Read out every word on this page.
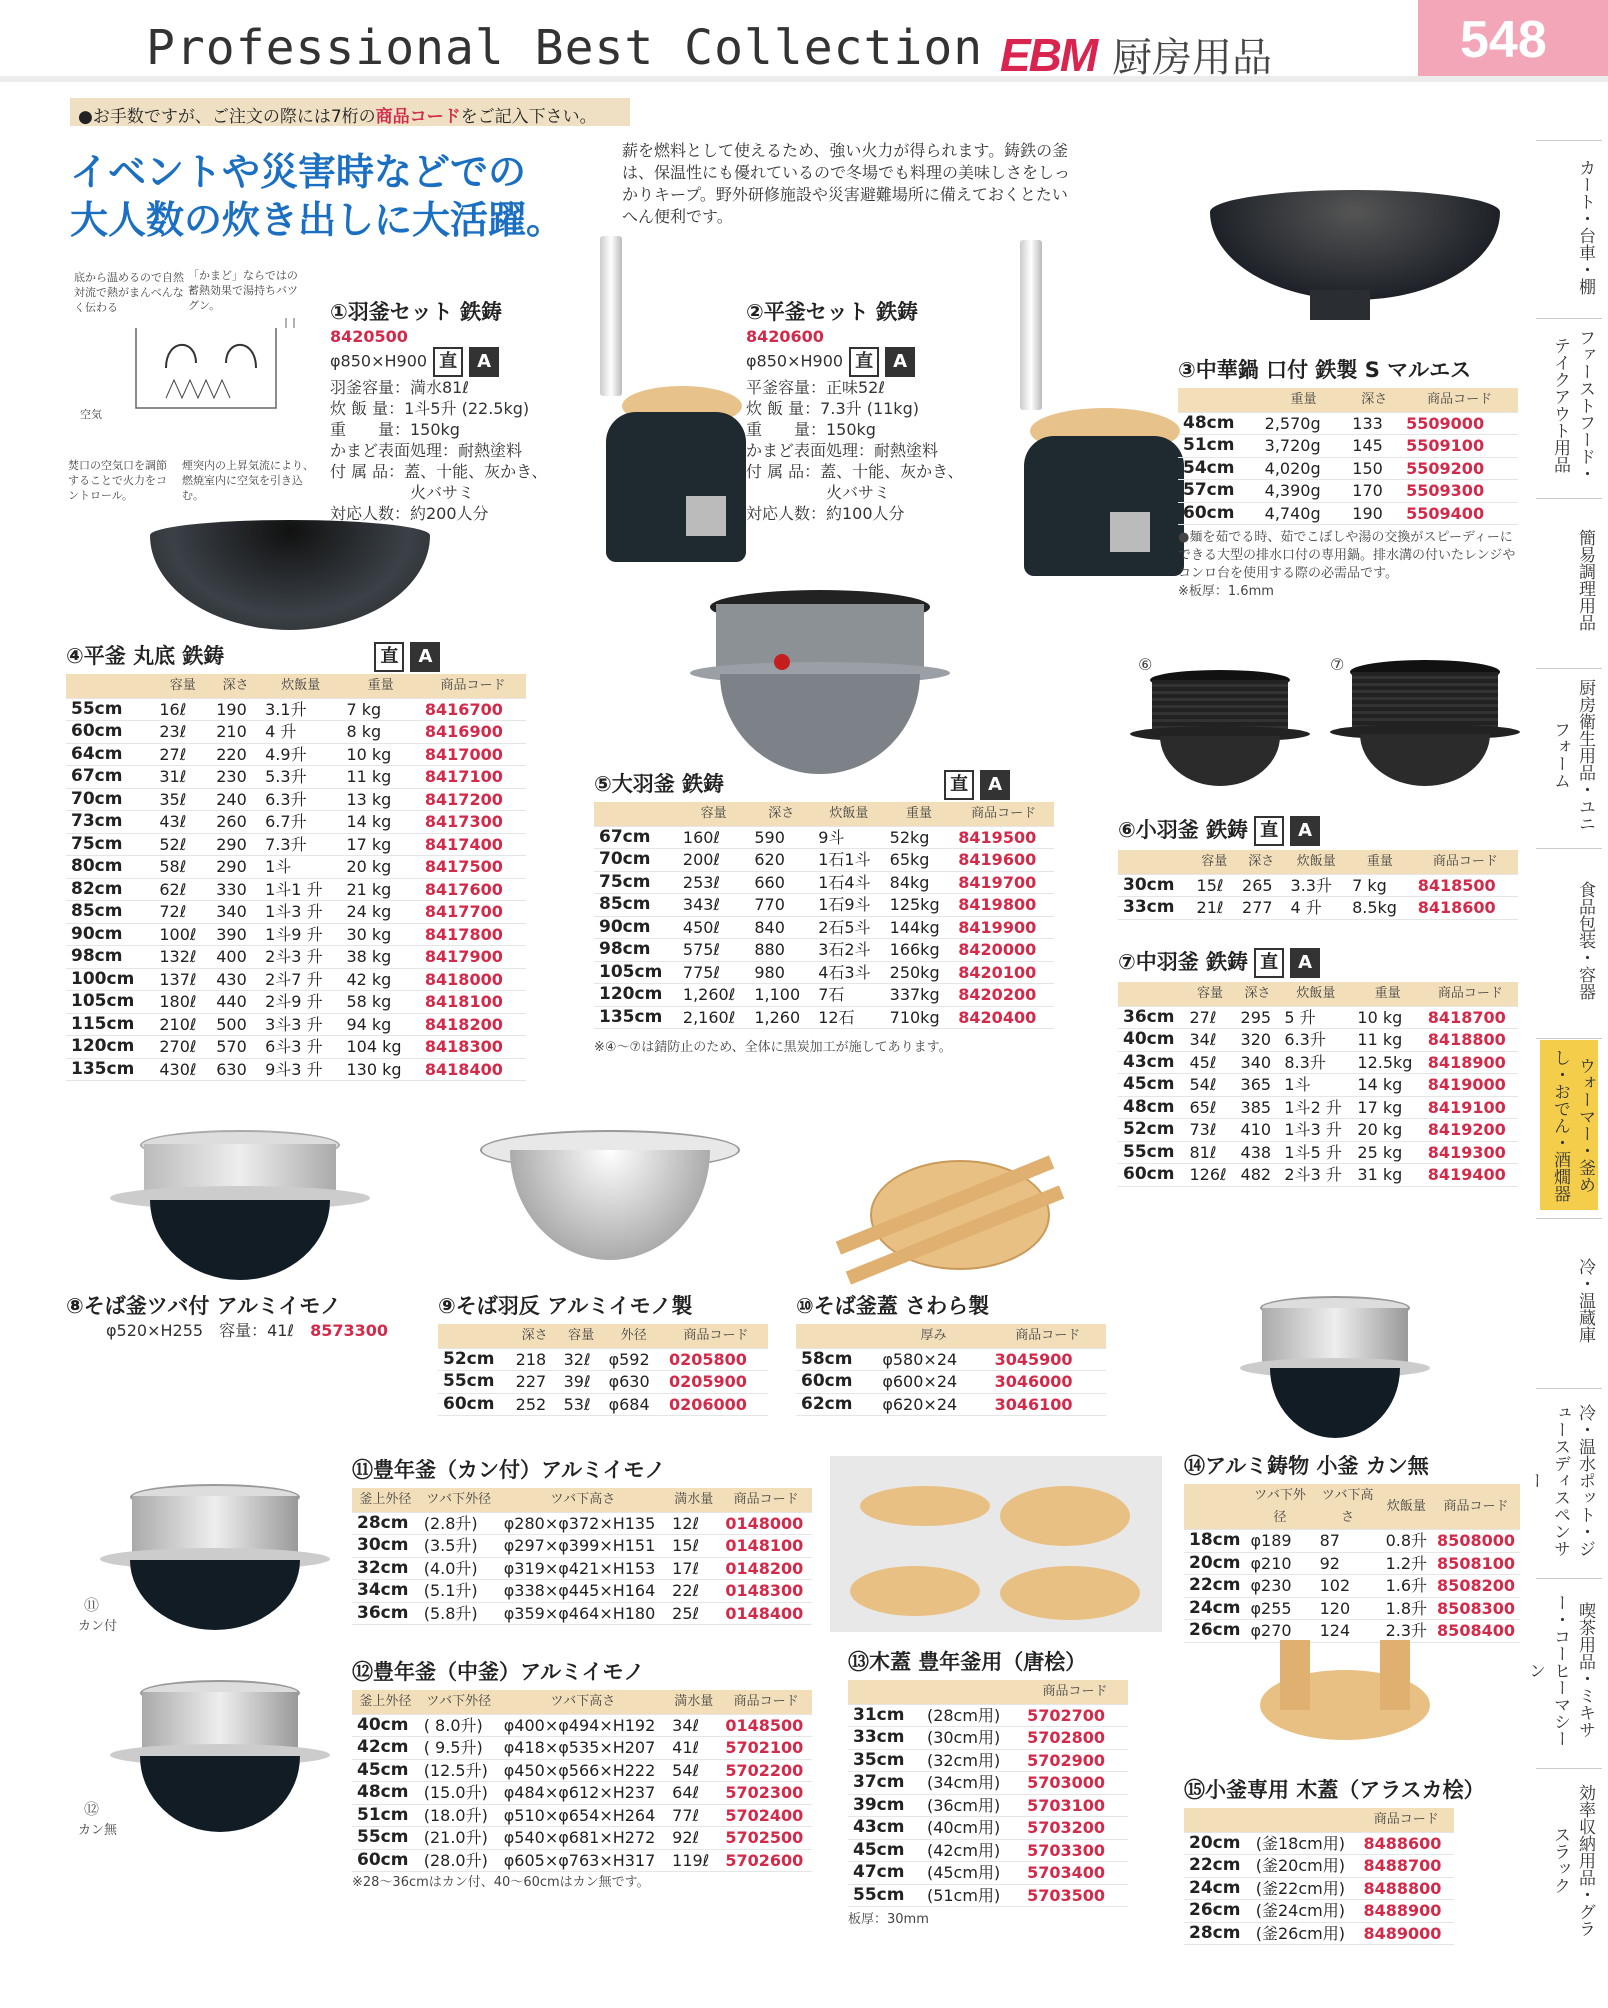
Professional Best Collection EBM 厨房用品	548
●お手数ですが、ご注文の際には7桁の商品コードをご記入下さい。
イベントや災害時などでの
大人数の炊き出しに大活躍。
薪を燃料として使えるため、強い火力が得られます。鋳鉄の釜は、保温性にも優れているので冬場でも料理の美味しさをしっかりキープ。野外研修施設や災害避難場所に備えておくとたいへん便利です。
底から温めるので自然対流で熱がまんべんなく伝わる
「かまど」ならではの蓄熱効果で湯持ちバツグン。
空気
焚口の空気口を調節することで火力をコントロール。
煙突内の上昇気流により、燃焼室内に空気を引き込む。
①羽釜セット 鉄鋳
8420500
φ850×H900 直 A
羽釜容量：満水81ℓ
炊 飯 量：1斗5升 (22.5kg)
重　　量：150kg
かまど表面処理：耐熱塗料
付 属 品：蓋、十能、灰かき、
　　　　　火バサミ
対応人数：約200人分
②平釜セット 鉄鋳
8420600
φ850×H900 直 A
平釜容量：正味52ℓ
炊 飯 量：7.3升 (11kg)
重　　量：150kg
かまど表面処理：耐熱塗料
付 属 品：蓋、十能、灰かき、
　　　　　火バサミ
対応人数：約100人分
③中華鍋 口付 鉄製 S マルエス
	重量	深さ	商品コード
48cm	2,570g	133	5509000
51cm	3,720g	145	5509100
54cm	4,020g	150	5509200
57cm	4,390g	170	5509300
60cm	4,740g	190	5509400
●麺を茹でる時、茹でこぼしや湯の交換がスピーディーにできる大型の排水口付の専用鍋。排水溝の付いたレンジやコンロ台を使用する際の必需品です。
※板厚：1.6mm
④平釜 丸底 鉄鋳	直 A
	容量	深さ	炊飯量	重量	商品コード
55cm	16ℓ	190	3.1升	7 kg	8416700
60cm	23ℓ	210	4 升	8 kg	8416900
64cm	27ℓ	220	4.9升	10 kg	8417000
67cm	31ℓ	230	5.3升	11 kg	8417100
70cm	35ℓ	240	6.3升	13 kg	8417200
73cm	43ℓ	260	6.7升	14 kg	8417300
75cm	52ℓ	290	7.3升	17 kg	8417400
80cm	58ℓ	290	1斗	20 kg	8417500
82cm	62ℓ	330	1斗1 升	21 kg	8417600
85cm	72ℓ	340	1斗3 升	24 kg	8417700
90cm	100ℓ	390	1斗9 升	30 kg	8417800
98cm	132ℓ	400	2斗3 升	38 kg	8417900
100cm	137ℓ	430	2斗7 升	42 kg	8418000
105cm	180ℓ	440	2斗9 升	58 kg	8418100
115cm	210ℓ	500	3斗3 升	94 kg	8418200
120cm	270ℓ	570	6斗3 升	104 kg	8418300
135cm	430ℓ	630	9斗3 升	130 kg	8418400
⑤大羽釜 鉄鋳	直 A
	容量	深さ	炊飯量	重量	商品コード
67cm	160ℓ	590	9斗	52kg	8419500
70cm	200ℓ	620	1石1斗	65kg	8419600
75cm	253ℓ	660	1石4斗	84kg	8419700
85cm	343ℓ	770	1石9斗	125kg	8419800
90cm	450ℓ	840	2石5斗	144kg	8419900
98cm	575ℓ	880	3石2斗	166kg	8420000
105cm	775ℓ	980	4石3斗	250kg	8420100
120cm	1,260ℓ	1,100	7石	337kg	8420200
135cm	2,160ℓ	1,260	12石	710kg	8420400
※④〜⑦は錆防止のため、全体に黒炭加工が施してあります。
⑥	⑦
⑥小羽釜 鉄鋳 直 A
	容量	深さ	炊飯量	重量	商品コード
30cm	15ℓ	265	3.3升	7 kg	8418500
33cm	21ℓ	277	4 升	8.5kg	8418600
⑦中羽釜 鉄鋳 直 A
	容量	深さ	炊飯量	重量	商品コード
36cm	27ℓ	295	5 升	10 kg	8418700
40cm	34ℓ	320	6.3升	11 kg	8418800
43cm	45ℓ	340	8.3升	12.5kg	8418900
45cm	54ℓ	365	1斗	14 kg	8419000
48cm	65ℓ	385	1斗2 升	17 kg	8419100
52cm	73ℓ	410	1斗3 升	20 kg	8419200
55cm	81ℓ	438	1斗5 升	25 kg	8419300
60cm	126ℓ	482	2斗3 升	31 kg	8419400
⑧そば釜ツバ付 アルミイモノ
φ520×H255　容量：41ℓ　 8573300
⑨そば羽反 アルミイモノ製
	深さ	容量	外径	商品コード
52cm	218	32ℓ	φ592	0205800
55cm	227	39ℓ	φ630	0205900
60cm	252	53ℓ	φ684	0206000
⑩そば釜蓋 さわら製
	厚み	商品コード
58cm	φ580×24	3045900
60cm	φ600×24	3046000
62cm	φ620×24	3046100
⑪
カン付
⑪豊年釜（カン付）アルミイモノ
釜上外径	ツバ下外径	ツバ下高さ	満水量	商品コード
28cm	(2.8升)	φ280×φ372×H135	12ℓ	0148000
30cm	(3.5升)	φ297×φ399×H151	15ℓ	0148100
32cm	(4.0升)	φ319×φ421×H153	17ℓ	0148200
34cm	(5.1升)	φ338×φ445×H164	22ℓ	0148300
36cm	(5.8升)	φ359×φ464×H180	25ℓ	0148400
⑫
カン無
⑫豊年釜（中釜）アルミイモノ
釜上外径	ツバ下外径	ツバ下高さ	満水量	商品コード
40cm	( 8.0升)	φ400×φ494×H192	34ℓ	0148500
42cm	( 9.5升)	φ418×φ535×H207	41ℓ	5702100
45cm	(12.5升)	φ450×φ566×H222	54ℓ	5702200
48cm	(15.0升)	φ484×φ612×H237	64ℓ	5702300
51cm	(18.0升)	φ510×φ654×H264	77ℓ	5702400
55cm	(21.0升)	φ540×φ681×H272	92ℓ	5702500
60cm	(28.0升)	φ605×φ763×H317	119ℓ	5702600
※28〜36cmはカン付、40〜60cmはカン無です。
⑬木蓋 豊年釜用（唐桧）
		商品コード
31cm	(28cm用)	5702700
33cm	(30cm用)	5702800
35cm	(32cm用)	5702900
37cm	(34cm用)	5703000
39cm	(36cm用)	5703100
43cm	(40cm用)	5703200
45cm	(42cm用)	5703300
47cm	(45cm用)	5703400
55cm	(51cm用)	5703500
板厚：30mm
⑭アルミ鋳物 小釜 カン無
	ツバ下外径	ツバ下高さ	炊飯量	商品コード
18cm	φ189	87	0.8升	8508000
20cm	φ210	92	1.2升	8508100
22cm	φ230	102	1.6升	8508200
24cm	φ255	120	1.8升	8508300
26cm	φ270	124	2.3升	8508400
⑮小釜専用 木蓋（アラスカ桧）
		商品コード
20cm	(釜18cm用)	8488600
22cm	(釜20cm用)	8488700
24cm	(釜22cm用)	8488800
26cm	(釜24cm用)	8488900
28cm	(釜26cm用)	8489000
カート・台車・棚
ファーストフード・テイクアウト用品
簡易調理用品
厨房衛生用品・ユニフォーム
食品包装・容器
ウォーマー・釜めし・おでん・酒燗器
冷・温蔵庫
冷・温水ポット・ジュースディスペンサー
喫茶用品・ミキサー・コーヒーマシーン
効率収納用品・グラスラック
